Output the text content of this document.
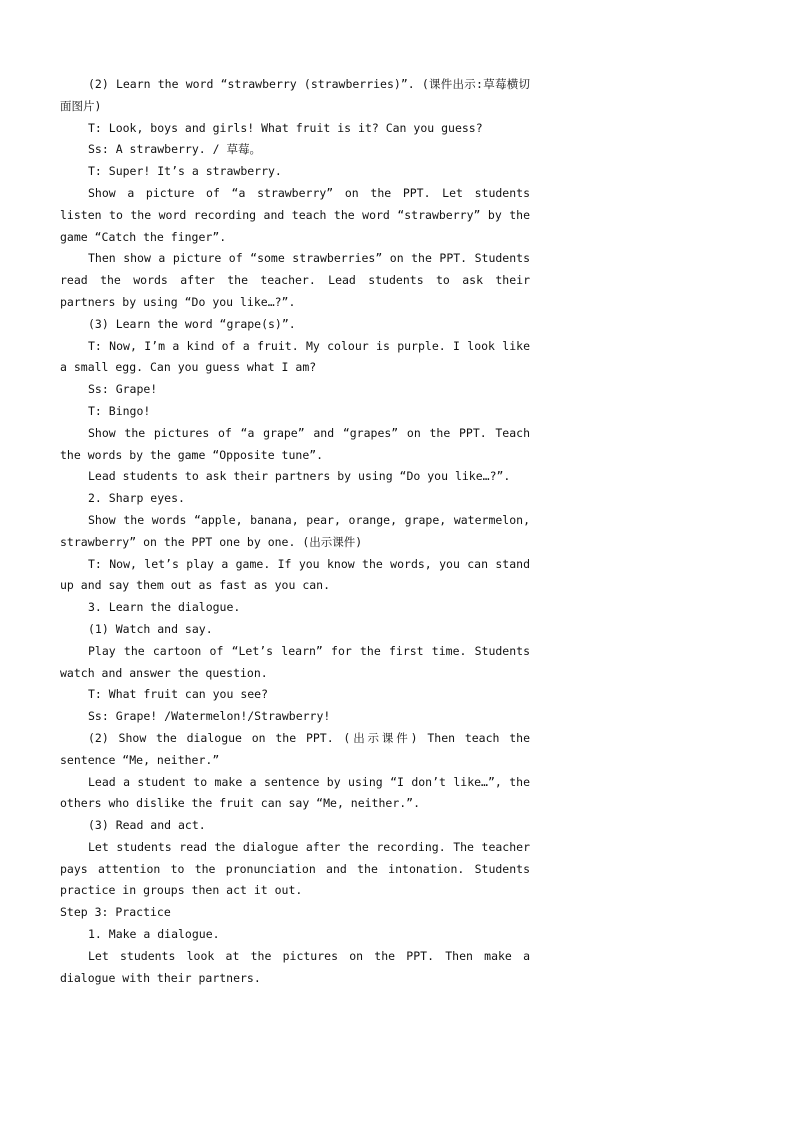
(2) Learn the word “strawberry (strawberries)”. (课件出示:草莓横切面图片)

T: Look, boys and girls! What fruit is it? Can you guess?

Ss: A strawberry. / 草莓。

T: Super! It’s a strawberry.

Show a picture of “a strawberry” on the PPT. Let students listen to the word recording and teach the word “strawberry” by the game “Catch the finger”.

Then show a picture of “some strawberries” on the PPT. Students read the words after the teacher. Lead students to ask their partners by using “Do you like…?”.

(3) Learn the word “grape(s)”.

T: Now, I’m a kind of a fruit. My colour is purple. I look like a small egg. Can you guess what I am?

Ss: Grape!

T: Bingo!

Show the pictures of “a grape” and “grapes” on the PPT. Teach the words by the game “Opposite tune”.

Lead students to ask their partners by using “Do you like…?”.

2. Sharp eyes.

Show the words “apple, banana, pear, orange, grape, watermelon, strawberry” on the PPT one by one. (出示课件)

T: Now, let’s play a game. If you know the words, you can stand up and say them out as fast as you can.

3. Learn the dialogue.

(1) Watch and say.

Play the cartoon of “Let’s learn” for the first time. Students watch and answer the question.

T: What fruit can you see?

Ss: Grape! /Watermelon!/Strawberry!

(2) Show the dialogue on the PPT. (出示课件) Then teach the sentence “Me, neither.”

Lead a student to make a sentence by using “I don’t like…”, the others who dislike the fruit can say “Me, neither.”.

(3) Read and act.

Let students read the dialogue after the recording. The teacher pays attention to the pronunciation and the intonation. Students practice in groups then act it out.

Step 3: Practice

1. Make a dialogue.

Let students look at the pictures on the PPT. Then make a dialogue with their partners.
